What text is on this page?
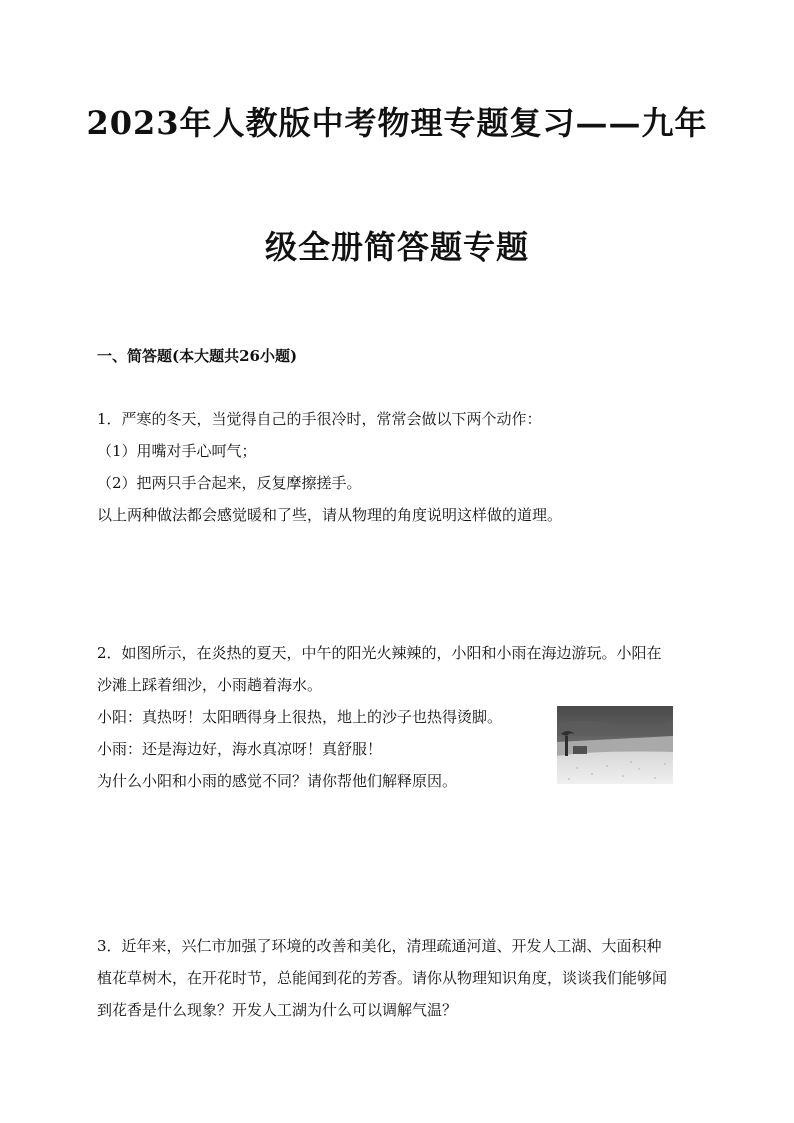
2023年人教版中考物理专题复习——九年
级全册简答题专题
一、简答题(本大题共26小题)

1．严寒的冬天，当觉得自己的手很冷时，常常会做以下两个动作：

（1）用嘴对手心呵气；

（2）把两只手合起来，反复摩擦搓手。

以上两种做法都会感觉暖和了些，请从物理的角度说明这样做的道理。

2．如图所示，在炎热的夏天，中午的阳光火辣辣的，小阳和小雨在海边游玩。小阳在

沙滩上踩着细沙，小雨趟着海水。

小阳：真热呀！太阳晒得身上很热，地上的沙子也热得烫脚。

小雨：还是海边好，海水真凉呀！真舒服！

为什么小阳和小雨的感觉不同？请你帮他们解释原因。

3．近年来，兴仁市加强了环境的改善和美化，清理疏通河道、开发人工湖、大面积种

植花草树木，在开花时节，总能闻到花的芳香。请你从物理知识角度，谈谈我们能够闻

到花香是什么现象？开发人工湖为什么可以调解气温？
